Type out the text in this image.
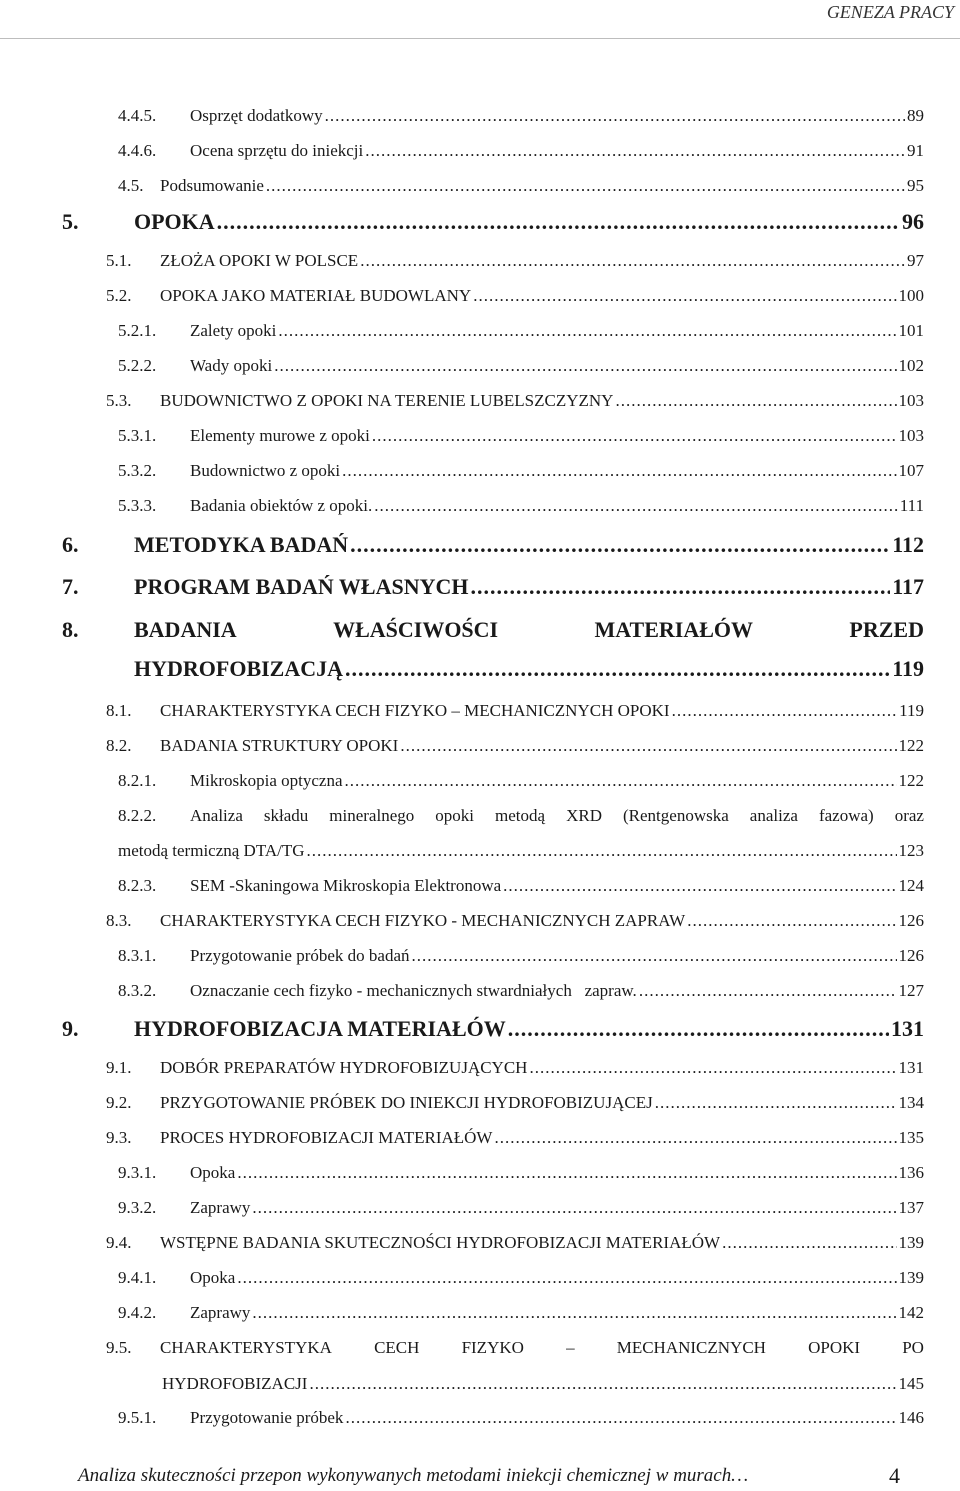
GENEZA PRACY
4.4.5.	Osprzęt dodatkowy .....	89
4.4.6.	Ocena sprzętu do iniekcji .....	91
4.5. Podsumowanie .....	95
5.	OPOKA .....	96
5.1.	ZŁOŻA OPOKI W POLSCE .....	97
5.2.	OPOKA JAKO MATERIAŁ BUDOWLANY .....	100
5.2.1.	Zalety opoki .....	101
5.2.2.	Wady opoki .....	102
5.3.	BUDOWNICTWO Z OPOKI NA TERENIE LUBELSZCZYZNY .....	103
5.3.1.	Elementy murowe z opoki .....	103
5.3.2.	Budownictwo z opoki .....	107
5.3.3.	Badania obiektów z opoki. .....	111
6.	METODYKA BADAŃ .....	112
7.	PROGRAM BADAŃ WŁASNYCH .....	117
8.	BADANIA	WŁAŚCIWOŚCI	MATERIAŁÓW	PRZED
HYDROFOBIZACJĄ .....	119
8.1.	CHARAKTERYSTYKA CECH FIZYKO – MECHANICZNYCH OPOKI .....	119
8.2.	BADANIA STRUKTURY OPOKI .....	122
8.2.1.	Mikroskopia optyczna .....	122
8.2.2.	Analiza składu mineralnego opoki metodą XRD (Rentgenowska analiza fazowa) oraz
metodą termiczną DTA/TG .....	123
8.2.3.	SEM -Skaningowa Mikroskopia Elektronowa .....	124
8.3.	CHARAKTERYSTYKA CECH FIZYKO - MECHANICZNYCH ZAPRAW .....	126
8.3.1.	Przygotowanie próbek do badań .....	126
8.3.2.	Oznaczanie cech fizyko - mechanicznych stwardniałych   zapraw. .....	127
9.	HYDROFOBIZACJA MATERIAŁÓW .....	131
9.1.	DOBÓR PREPARATÓW HYDROFOBIZUJĄCYCH .....	131
9.2.	PRZYGOTOWANIE PRÓBEK DO INIEKCJI HYDROFOBIZUJĄCEJ .....	134
9.3.	PROCES HYDROFOBIZACJI MATERIAŁÓW .....	135
9.3.1.	Opoka .....	136
9.3.2.	Zaprawy .....	137
9.4.	WSTĘPNE BADANIA SKUTECZNOŚCI HYDROFOBIZACJI MATERIAŁÓW .....	139
9.4.1.	Opoka .....	139
9.4.2.	Zaprawy .....	142
9.5.	CHARAKTERYSTYKA CECH FIZYKO – MECHANICZNYCH OPOKI PO
HYDROFOBIZACJI .....	145
9.5.1.	Przygotowanie próbek .....	146
Analiza skuteczności przepon wykonywanych metodami iniekcji chemicznej w murach…	4
